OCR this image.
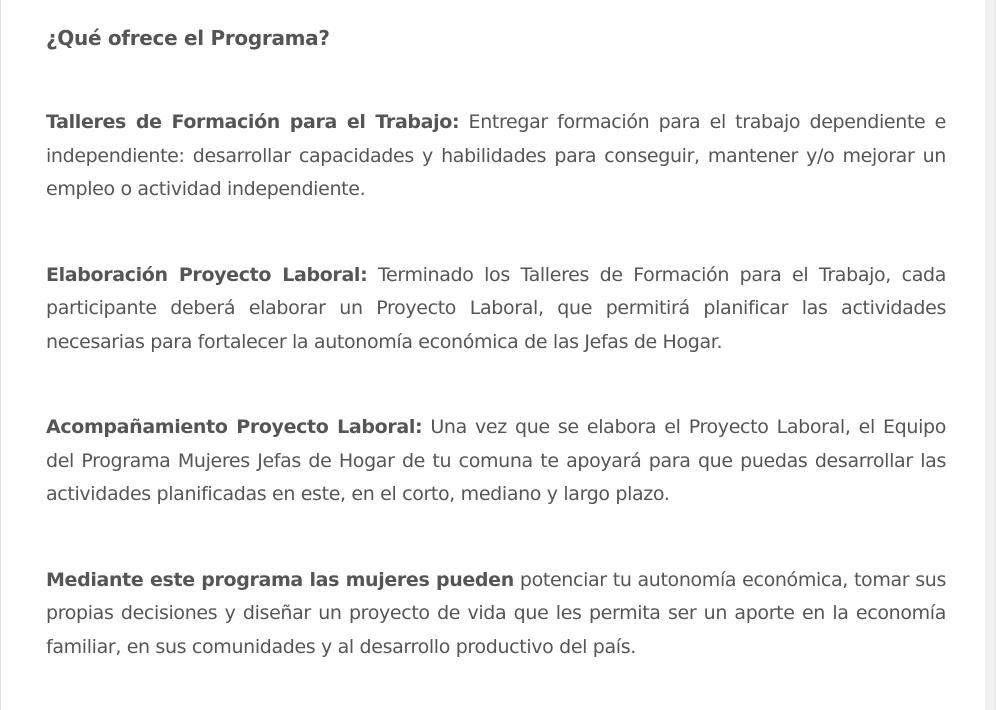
¿Qué ofrece el Programa?

Talleres de Formación para el Trabajo: Entregar formación para el trabajo dependiente e independiente: desarrollar capacidades y habilidades para conseguir, mantener y/o mejorar un empleo o actividad independiente.

Elaboración Proyecto Laboral: Terminado los Talleres de Formación para el Trabajo, cada participante deberá elaborar un Proyecto Laboral, que permitirá planificar las actividades necesarias para fortalecer la autonomía económica de las Jefas de Hogar.

Acompañamiento Proyecto Laboral: Una vez que se elabora el Proyecto Laboral, el Equipo del Programa Mujeres Jefas de Hogar de tu comuna te apoyará para que puedas desarrollar las actividades planificadas en este, en el corto, mediano y largo plazo.

Mediante este programa las mujeres pueden potenciar tu autonomía económica, tomar sus propias decisiones y diseñar un proyecto de vida que les permita ser un aporte en la economía familiar, en sus comunidades y al desarrollo productivo del país.
